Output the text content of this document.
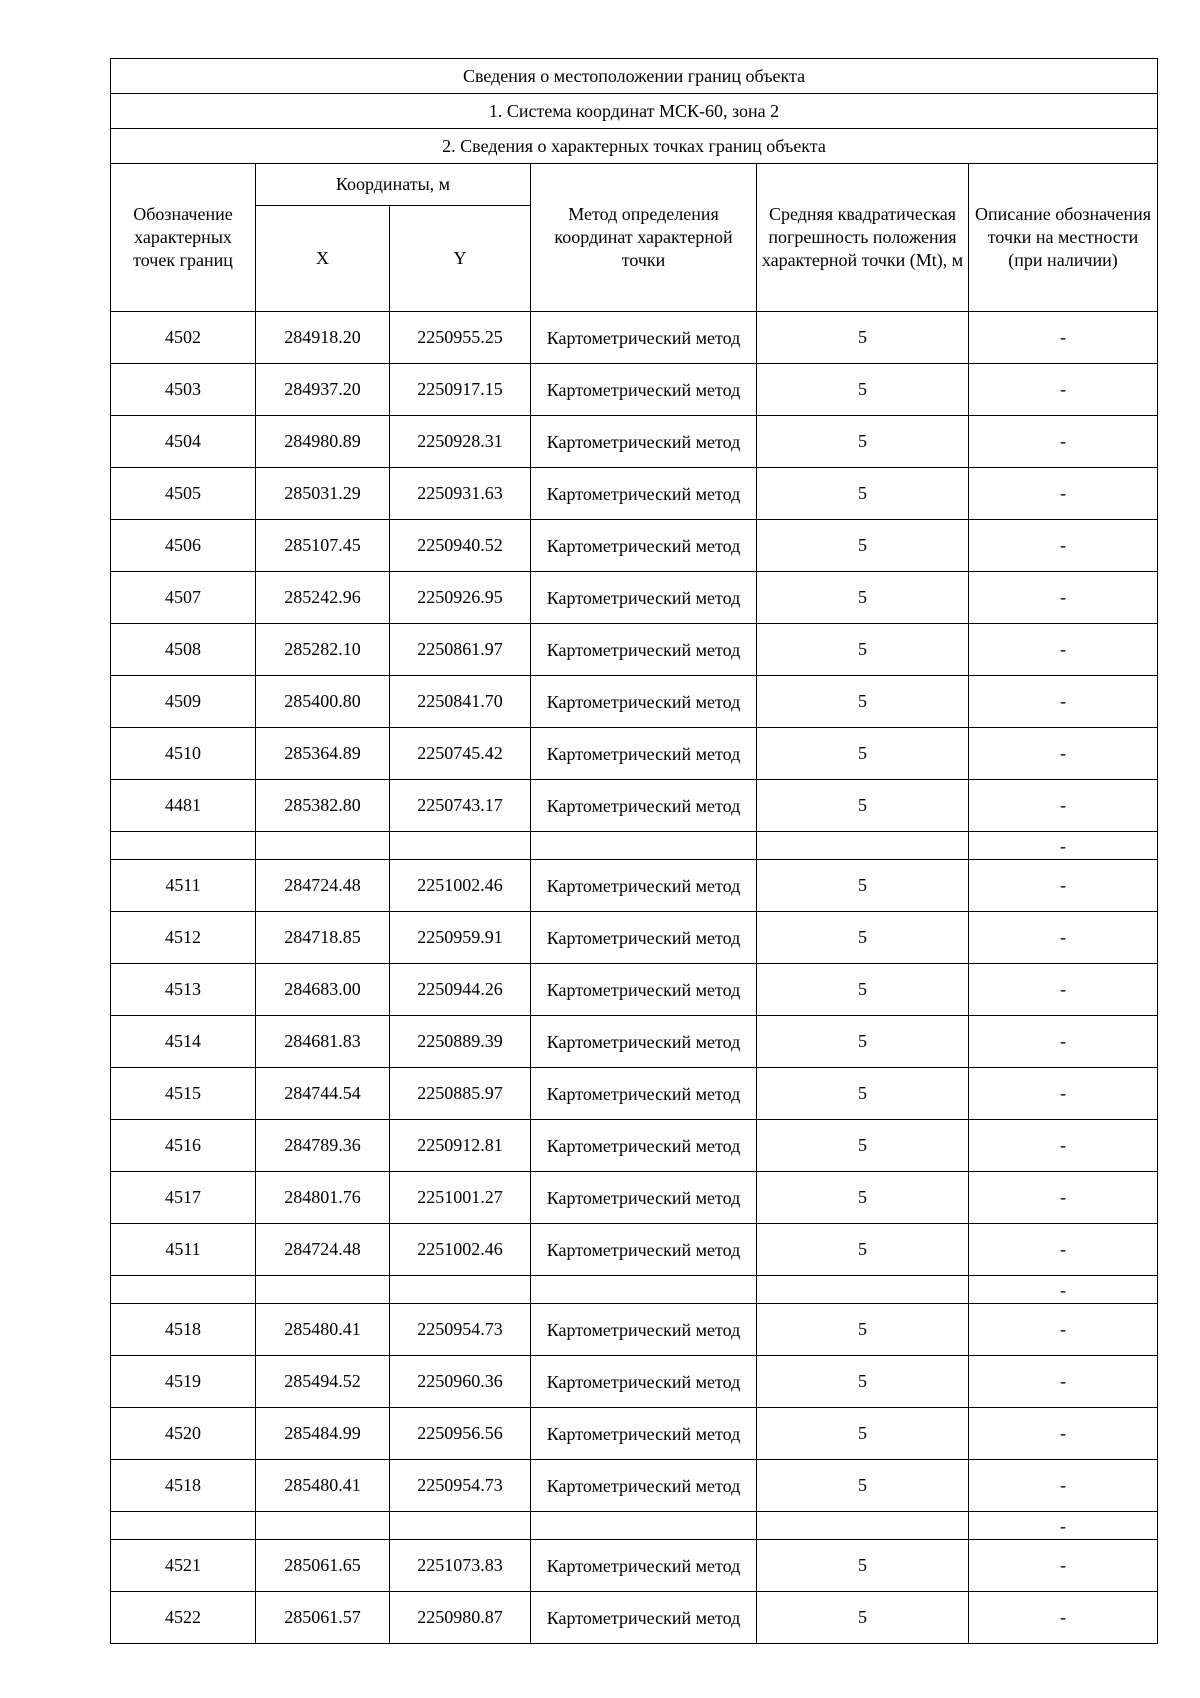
Сведения о местоположении границ объекта					
1. Система координат МСК-60, зона 2					
2. Сведения о характерных точках границ объекта					
Обозначение характерных точек границ	Координаты, м		Метод определения координат характерной точки	Средняя квадратическая погрешность положения характерной точки (Mt), м	Описание обозначения точки на местности (при наличии)
	X	Y			
4502	284918.20	2250955.25	Картометрический метод	5	-
4503	284937.20	2250917.15	Картометрический метод	5	-
4504	284980.89	2250928.31	Картометрический метод	5	-
4505	285031.29	2250931.63	Картометрический метод	5	-
4506	285107.45	2250940.52	Картометрический метод	5	-
4507	285242.96	2250926.95	Картометрический метод	5	-
4508	285282.10	2250861.97	Картометрический метод	5	-
4509	285400.80	2250841.70	Картометрический метод	5	-
4510	285364.89	2250745.42	Картометрический метод	5	-
4481	285382.80	2250743.17	Картометрический метод	5	-
					-
4511	284724.48	2251002.46	Картометрический метод	5	-
4512	284718.85	2250959.91	Картометрический метод	5	-
4513	284683.00	2250944.26	Картометрический метод	5	-
4514	284681.83	2250889.39	Картометрический метод	5	-
4515	284744.54	2250885.97	Картометрический метод	5	-
4516	284789.36	2250912.81	Картометрический метод	5	-
4517	284801.76	2251001.27	Картометрический метод	5	-
4511	284724.48	2251002.46	Картометрический метод	5	-
					-
4518	285480.41	2250954.73	Картометрический метод	5	-
4519	285494.52	2250960.36	Картометрический метод	5	-
4520	285484.99	2250956.56	Картометрический метод	5	-
4518	285480.41	2250954.73	Картометрический метод	5	-
					-
4521	285061.65	2251073.83	Картометрический метод	5	-
4522	285061.57	2250980.87	Картометрический метод	5	-
